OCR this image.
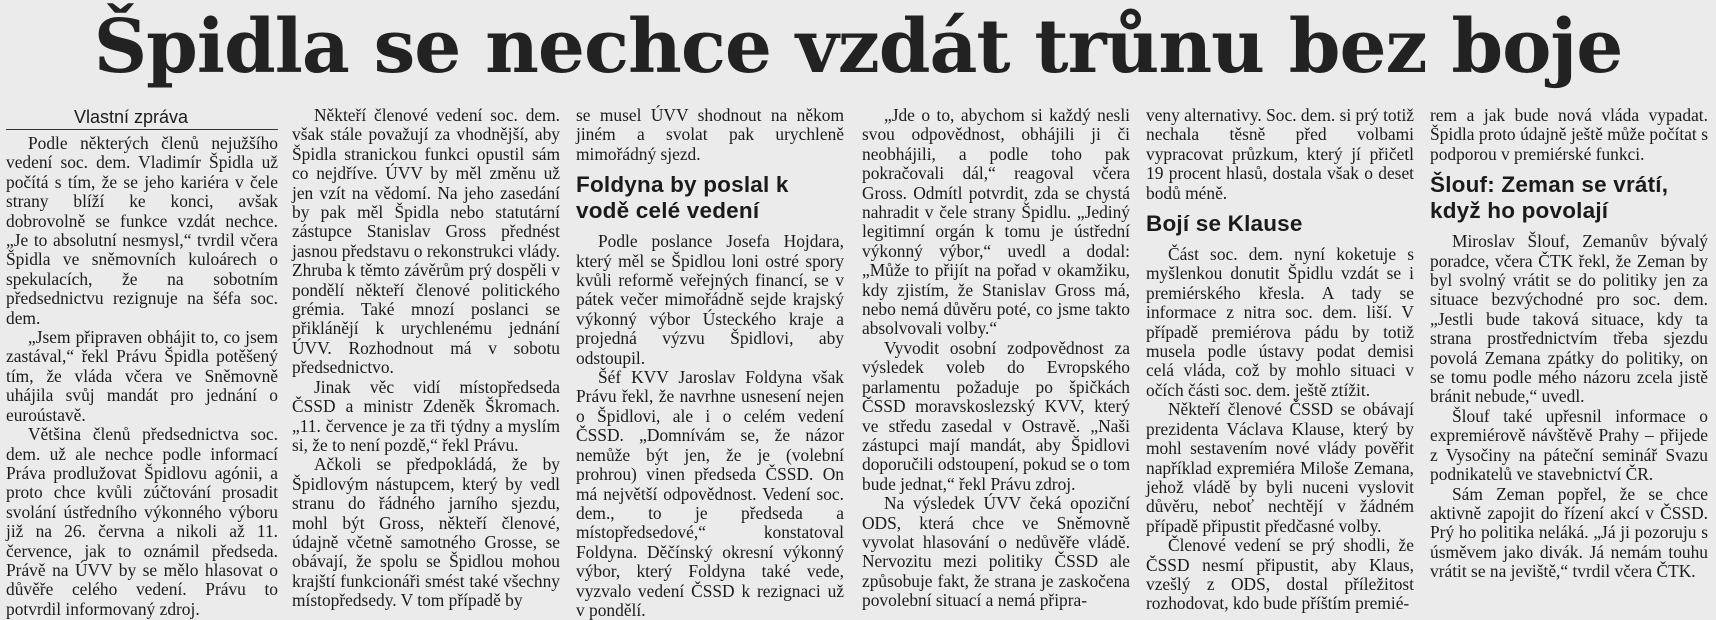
Špidla se nechce vzdát trůnu bez boje
Vlastní zpráva

Podle některých členů nejužšího vedení soc. dem. Vladimír Špidla už počítá s tím, že se jeho kariéra v čele strany blíží ke konci, avšak dobrovolně se funkce vzdát nechce. „Je to absolutní nesmysl,“ tvrdil včera Špidla ve sněmovních kuloárech o spekulacích, že na sobotním předsednictvu rezignuje na šéfa soc. dem.

„Jsem připraven obhájit to, co jsem zastával,“ řekl Právu Špidla potěšený tím, že vláda včera ve Sněmovně uhájila svůj mandát pro jednání o euroústavě.

Většina členů předsednictva soc. dem. už ale nechce podle informací Práva prodlužovat Špidlovu agónii, a proto chce kvůli zúčtování prosadit svolání ústředního výkonného výboru již na 26. června a nikoli až 11. července, jak to oznámil předseda. Právě na ÚVV by se mělo hlasovat o důvěře celého vedení. Právu to potvrdil informovaný zdroj.

Někteří členové vedení soc. dem. však stále považují za vhodnější, aby Špidla stranickou funkci opustil sám co nejdříve. ÚVV by měl změnu už jen vzít na vědomí. Na jeho zasedání by pak měl Špidla nebo statutární zástupce Stanislav Gross přednést jasnou představu o rekonstrukci vlády. Zhruba k těmto závěrům prý dospěli v pondělí někteří členové politického grémia. Také mnozí poslanci se přiklánějí k urychlenému jednání ÚVV. Rozhodnout má v sobotu předsednictvo.

Jinak věc vidí místopředseda ČSSD a ministr Zdeněk Škromach. „11. července je za tři týdny a myslím si, že to není pozdě,“ řekl Právu.

Ačkoli se předpokládá, že by Špidlovým nástupcem, který by vedl stranu do řádného jarního sjezdu, mohl být Gross, někteří členové, údajně včetně samotného Grosse, se obávají, že spolu se Špidlou mohou krajští funkcionáři smést také všechny místopředsedy. V tom případě by

se musel ÚVV shodnout na někom jiném a svolat pak urychleně mimořádný sjezd.

Foldyna by poslal k vodě celé vedení

Podle poslance Josefa Hojdara, který měl se Špidlou loni ostré spory kvůli reformě veřejných financí, se v pátek večer mimořádně sejde krajský výkonný výbor Ústeckého kraje a projedná výzvu Špidlovi, aby odstoupil.

Šéf KVV Jaroslav Foldyna však Právu řekl, že navrhne usnesení nejen o Špidlovi, ale i o celém vedení ČSSD. „Domnívám se, že názor nemůže být jen, že je (volební prohrou) vinen předseda ČSSD. On má největší odpovědnost. Vedení soc. dem., to je předseda a místopředsedové,“ konstatoval Foldyna. Děčínský okresní výkonný výbor, který Foldyna také vede, vyzvalo vedení ČSSD k rezignaci už v pondělí.

„Jde o to, abychom si každý nesli svou odpovědnost, obhájili ji či neobhájili, a podle toho pak pokračovali dál,“ reagoval včera Gross. Odmítl potvrdit, zda se chystá nahradit v čele strany Špidlu. „Jediný legitimní orgán k tomu je ústřední výkonný výbor,“ uvedl a dodal: „Může to přijít na pořad v okamžiku, kdy zjistím, že Stanislav Gross má, nebo nemá důvěru poté, co jsme takto absolvovali volby.“

Vyvodit osobní zodpovědnost za výsledek voleb do Evropského parlamentu požaduje po špičkách ČSSD moravskoslezský KVV, který ve středu zasedal v Ostravě. „Naši zástupci mají mandát, aby Špidlovi doporučili odstoupení, pokud se o tom bude jednat,“ řekl Právu zdroj.

Na výsledek ÚVV čeká opoziční ODS, která chce ve Sněmovně vyvolat hlasování o nedůvěře vládě. Nervozitu mezi politiky ČSSD ale způsobuje fakt, že strana je zaskočena povolební situací a nemá připra-

veny alternativy. Soc. dem. si prý totiž nechala těsně před volbami vypracovat průzkum, který jí přičetl 19 procent hlasů, dostala však o deset bodů méně.

Bojí se Klause

Část soc. dem. nyní koketuje s myšlenkou donutit Špidlu vzdát se i premiérského křesla. A tady se informace z nitra soc. dem. liší. V případě premiérova pádu by totiž musela podle ústavy podat demisi celá vláda, což by mohlo situaci v očích části soc. dem. ještě ztížit.

Někteří členové ČSSD se obávají prezidenta Václava Klause, který by mohl sestavením nové vlády pověřit například expremiéra Miloše Zemana, jehož vládě by byli nuceni vyslovit důvěru, neboť nechtějí v žádném případě připustit předčasné volby.

Členové vedení se prý shodli, že ČSSD nesmí připustit, aby Klaus, vzešlý z ODS, dostal příležitost rozhodovat, kdo bude příštím premié-

rem a jak bude nová vláda vypadat. Špidla proto údajně ještě může počítat s podporou v premiérské funkci.

Šlouf: Zeman se vrátí, když ho povolají

Miroslav Šlouf, Zemanův bývalý poradce, včera ČTK řekl, že Zeman by byl svolný vrátit se do politiky jen za situace bezvýchodné pro soc. dem. „Jestli bude taková situace, kdy ta strana prostřednictvím třeba sjezdu povolá Zemana zpátky do politiky, on se tomu podle mého názoru zcela jistě bránit nebude,“ uvedl.

Šlouf také upřesnil informace o expremiérově návštěvě Prahy – přijede z Vysočiny na páteční seminář Svazu podnikatelů ve stavebnictví ČR.

Sám Zeman popřel, že se chce aktivně zapojit do řízení akcí v ČSSD. Prý ho politika neláká. „Já ji pozoruju s úsměvem jako divák. Já nemám touhu vrátit se na jeviště,“ tvrdil včera ČTK.
